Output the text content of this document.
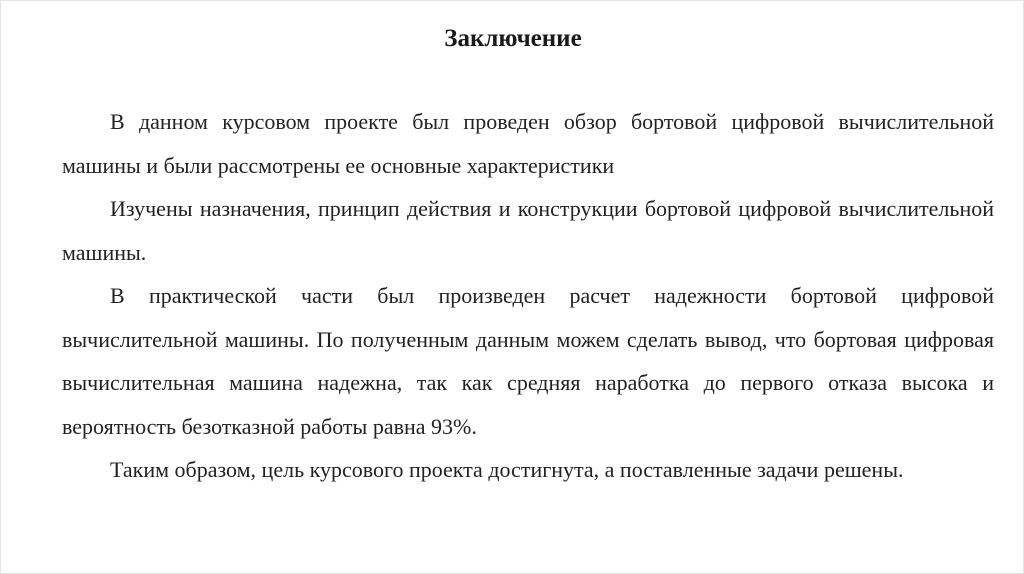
Заключение

В данном курсовом проекте был проведен обзор бортовой цифровой вычислительной машины и были рассмотрены ее основные характеристики

Изучены назначения, принцип действия и конструкции бортовой цифровой вычислительной машины.

В практической части был произведен расчет надежности бортовой цифровой вычислительной машины. По полученным данным можем сделать вывод, что бортовая цифровая вычислительная машина надежна, так как средняя наработка до первого отказа высока и вероятность безотказной работы равна 93%.

Таким образом, цель курсового проекта достигнута, а поставленные задачи решены.
